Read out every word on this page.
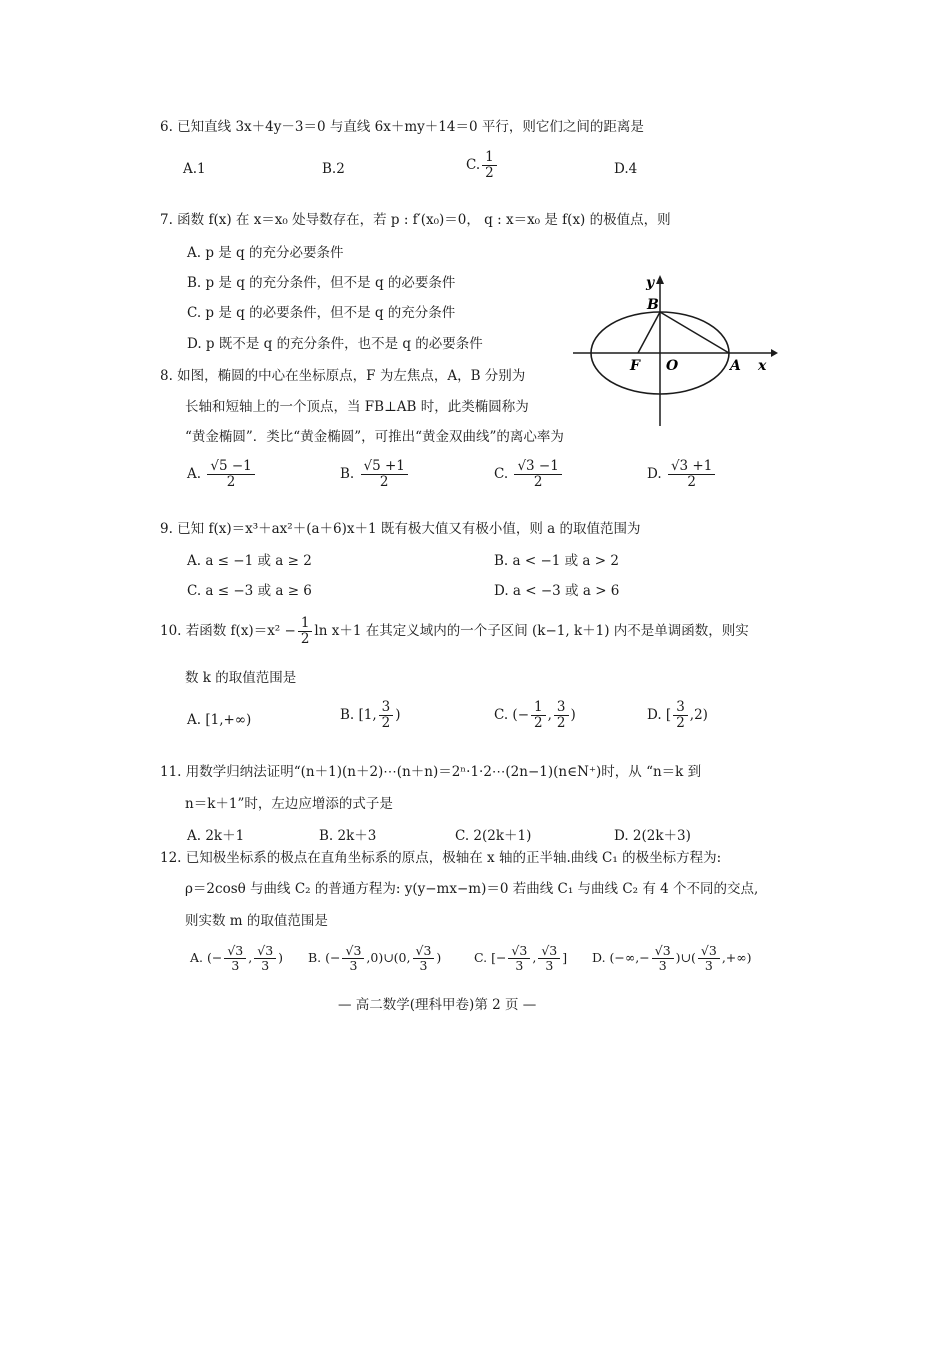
6. 已知直线 3x＋4y－3＝0 与直线 6x＋my＋14＝0 平行，则它们之间的距离是
A.1	B.2	C. $\frac{1}{2}$	D.4
7. 函数 f(x) 在 x＝x₀ 处导数存在，若 p : f′(x₀)＝0， q : x＝x₀ 是 f(x) 的极值点，则
A. p 是 q 的充分必要条件
B. p 是 q 的充分条件，但不是 q 的必要条件
C. p 是 q 的必要条件，但不是 q 的充分条件
D. p 既不是 q 的充分条件，也不是 q 的必要条件
y
B
F O	A x
8. 如图，椭圆的中心在坐标原点，F 为左焦点，A，B 分别为
长轴和短轴上的一个顶点，当 FB⊥AB 时，此类椭圆称为
“黄金椭圆”．类比“黄金椭圆”，可推出“黄金双曲线”的离心率为
A. $\frac{√5 -1}{2}$	B. $\frac{√5 +1}{2}$	C. $\frac{√3 -1}{2}$	D. $\frac{√3 +1}{2}$
9. 已知 f(x)＝x³＋ax²＋(a＋6)x＋1 既有极大值又有极小值，则 a 的取值范围为
A. a ≤ −1 或 a ≥ 2	B. a < −1 或 a > 2
C. a ≤ −3 或 a ≥ 6	D. a < −3 或 a > 6
10. 若函数 $f(x)=x^2 - \frac{1}{2}$ ln x＋1 在其定义域内的一个子区间 (k−1, k＋1) 内不是单调函数，则实
数 k 的取值范围是
A. [1,+∞)	B. [1, $\frac{3}{2}$ )	C. (− $\frac{1}{2}$ , $\frac{3}{2}$ )	D. [ $\frac{3}{2} ,2$)
11. 用数学归纳法证明“(n＋1)(n＋2)⋯(n＋n)＝2ⁿ·1·2⋯(2n−1)(n∈N⁺)时，从 “n＝k 到
n＝k＋1”时，左边应增添的式子是
A. 2k＋1	B. 2k＋3	C. 2(2k＋1)	D. 2(2k＋3)
12. 已知极坐标系的极点在直角坐标系的原点，极轴在 x 轴的正半轴.曲线 C₁ 的极坐标方程为:
ρ＝2cosθ 与曲线 C₂ 的普通方程为: y(y−mx−m)＝0 若曲线 C₁ 与曲线 C₂ 有 4 个不同的交点,
则实数 m 的取值范围是
A. (− $\frac{√3}{3}$ , $\frac{√3}{3}$ ) B. (− $\frac{√3}{3}$ ,0)∪(0, $\frac{√3}{3}$ )	C. [− $\frac{√3}{3}$ , $\frac{√3}{3}$ ] D. (−∞,− $\frac{√3}{3}$ )∪( $\frac{√3}{3}$ ,+∞)
— 高二数学(理科甲卷)第 2 页 —
